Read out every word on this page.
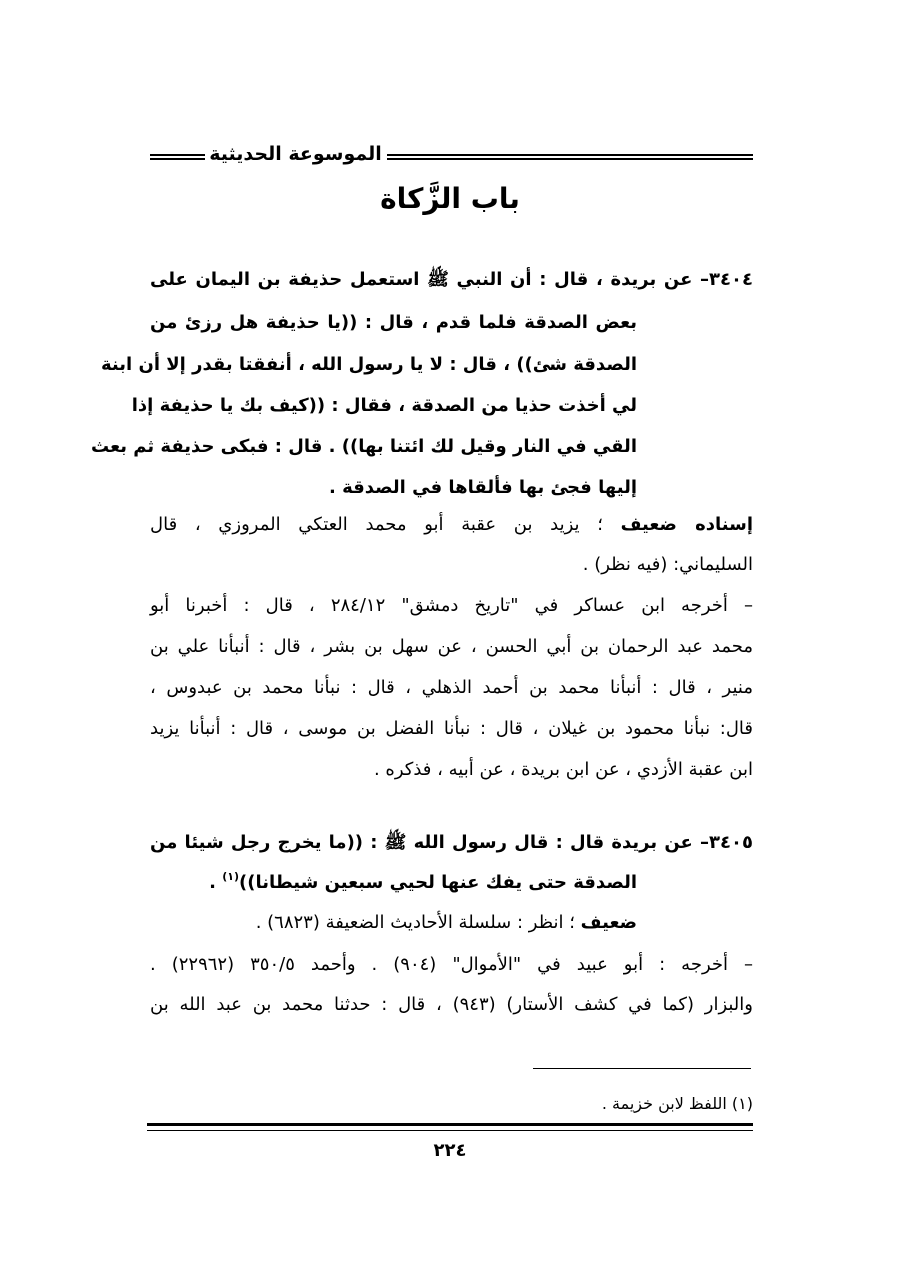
الموسوعة الحديثية
باب الزَّكاة
٣٤٠٤– عن بريدة ، قال : أن النبي ﷺ استعمل حذيفة بن اليمان على
بعض الصدقة فلما قدم ، قال : ((يا حذيفة هل رزئ من
الصدقة شئ)) ، قال : لا يا رسول الله ، أنفقتا بقدر إلا أن ابنة
لي أخذت حذيا من الصدقة ، فقال : ((كيف بك يا حذيفة إذا
القي في النار وقيل لك ائتنا بها)) . قال : فبكى حذيفة ثم بعث
إليها فجئ بها فألقاها في الصدقة .
إسناده ضعيف ؛ يزيد بن عقبة أبو محمد العتكي المروزي ، قال
السليماني: (فيه نظر) .
– أخرجه ابن عساكر في "تاريخ دمشق" ٢٨٤/١٢ ، قال : أخبرنا أبو
محمد عبد الرحمان بن أبي الحسن ، عن سهل بن بشر ، قال : أنبأنا علي بن
منير ، قال : أنبأنا محمد بن أحمد الذهلي ، قال : نبأنا محمد بن عبدوس ،
قال: نبأنا محمود بن غيلان ، قال : نبأنا الفضل بن موسى ، قال : أنبأنا يزيد
ابن عقبة الأزدي ، عن ابن بريدة ، عن أبيه ، فذكره .
٣٤٠٥– عن بريدة قال : قال رسول الله ﷺ : ((ما يخرج رجل شيئا من
الصدقة حتى يفك عنها لحيي سبعين شيطانا))$^{(١)}$ .
ضعيف ؛ انظر : سلسلة الأحاديث الضعيفة (٦٨٢٣) .
– أخرجه : أبو عبيد في "الأموال" (٩٠٤) . وأحمد ٣٥٠/٥ (٢٢٩٦٢) .
والبزار (كما في كشف الأستار) (٩٤٣) ، قال : حدثنا محمد بن عبد الله بن
(١) اللفظ لابن خزيمة .
٢٢٤
